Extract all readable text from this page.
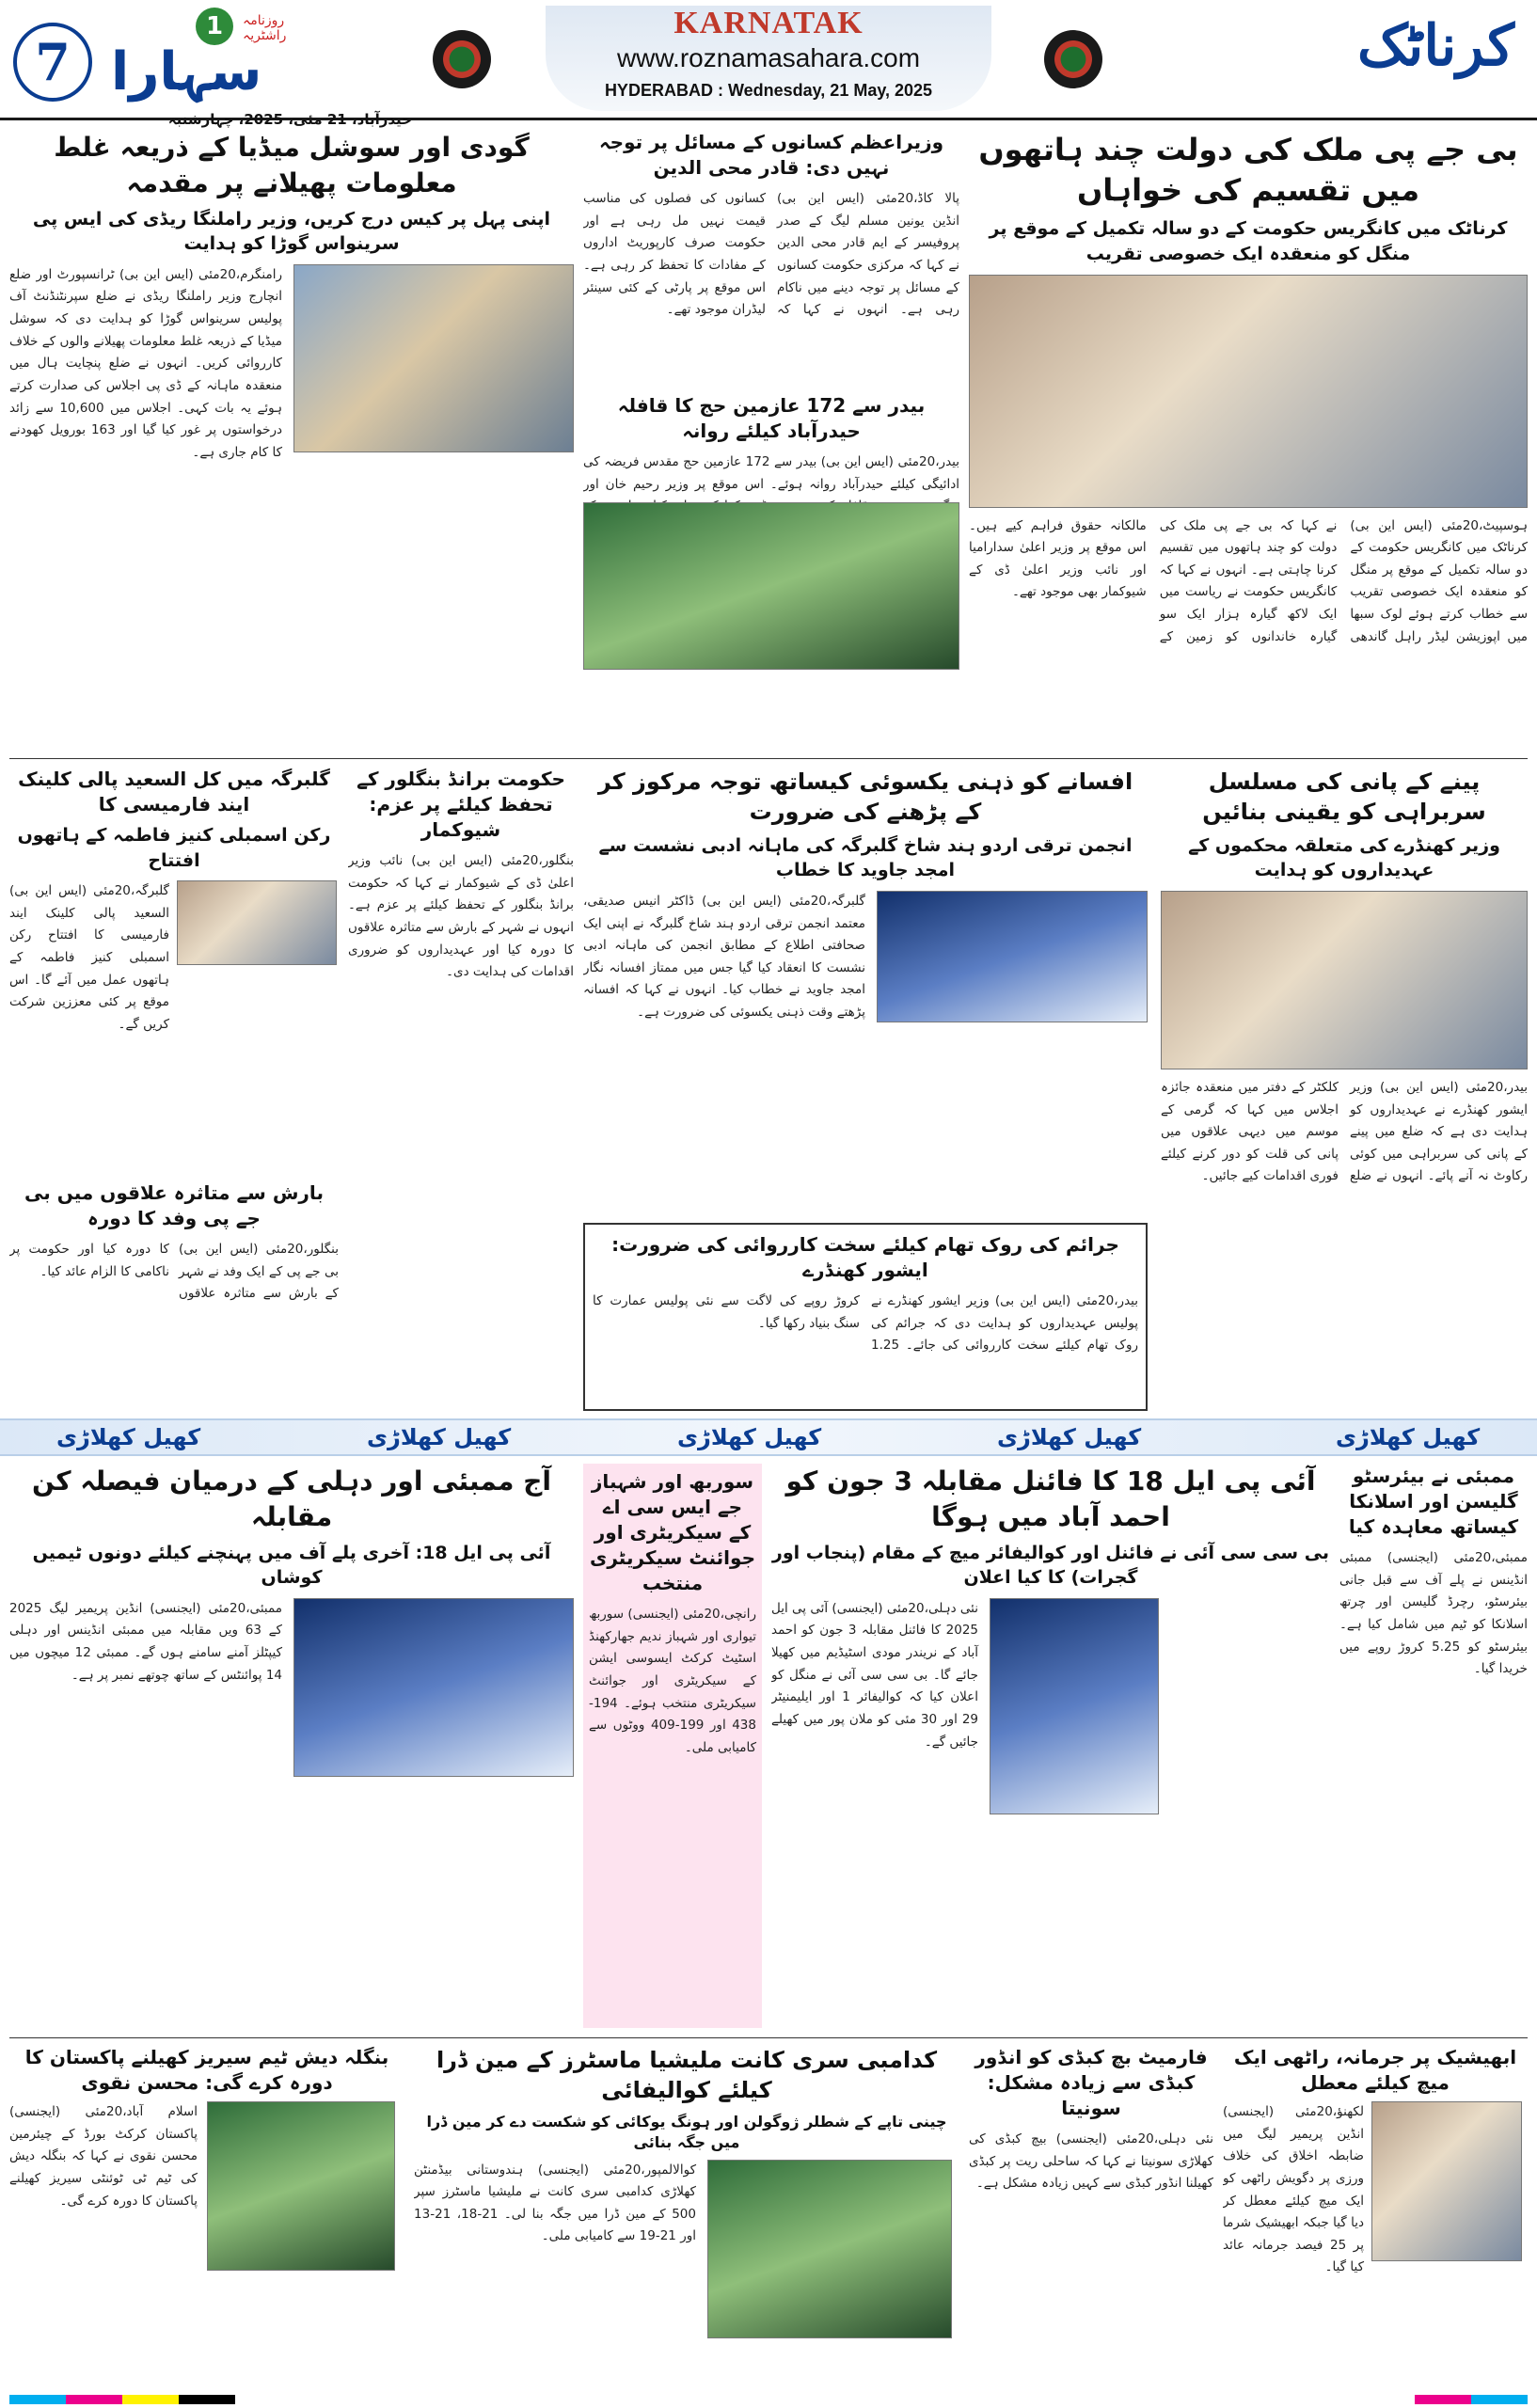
7
1	روزنامہ راشٹریہ
سہارا
حیدرآباد، 21 مئی، 2025، چہارشنبہ
KARNATAK
www.roznamasahara.com
HYDERABAD : Wednesday, 21 May, 2025
کرناٹک
بی جے پی ملک کی دولت چند ہاتھوں میں تقسیم کی خواہاں
کرناٹک میں کانگریس حکومت کے دو سالہ تکمیل کے موقع پر منگل کو منعقدہ ایک خصوصی تقریب
ہوسپیٹ،20مئی (ایس این بی) کرناٹک میں کانگریس حکومت کے دو سالہ تکمیل کے موقع پر منگل کو منعقدہ ایک خصوصی تقریب سے خطاب کرتے ہوئے لوک سبھا میں اپوزیشن لیڈر راہل گاندھی نے کہا کہ بی جے پی ملک کی دولت کو چند ہاتھوں میں تقسیم کرنا چاہتی ہے۔ انہوں نے کہا کہ کانگریس حکومت نے ریاست میں ایک لاکھ گیارہ ہزار ایک سو گیارہ خاندانوں کو زمین کے مالکانہ حقوق فراہم کیے ہیں۔ اس موقع پر وزیر اعلیٰ سدارامیا اور نائب وزیر اعلیٰ ڈی کے شیوکمار بھی موجود تھے۔
وزیراعظم کسانوں کے مسائل پر توجہ نہیں دی: قادر محی الدین
پالا کاڈ،20مئی (ایس این بی) انڈین یونین مسلم لیگ کے صدر پروفیسر کے ایم قادر محی الدین نے کہا کہ مرکزی حکومت کسانوں کے مسائل پر توجہ دینے میں ناکام رہی ہے۔ انہوں نے کہا کہ کسانوں کی فصلوں کی مناسب قیمت نہیں مل رہی ہے اور حکومت صرف کارپوریٹ اداروں کے مفادات کا تحفظ کر رہی ہے۔ اس موقع پر پارٹی کے کئی سینئر لیڈران موجود تھے۔
بیدر سے 172 عازمین حج کا قافلہ حیدرآباد کیلئے روانہ
بیدر،20مئی (ایس این بی) بیدر سے 172 عازمین حج مقدس فریضہ کی ادائیگی کیلئے حیدرآباد روانہ ہوئے۔ اس موقع پر وزیر رحیم خان اور
گودی اور سوشل میڈیا کے ذریعہ غلط معلومات پھیلانے پر مقدمہ
اپنی پہل پر کیس درج کریں، وزیر راملنگا ریڈی کی ایس پی سرینواس گوڑا کو ہدایت
رامنگرم،20مئی (ایس این بی) ٹرانسپورٹ اور ضلع انچارج وزیر راملنگا ریڈی نے ضلع سپرنٹنڈنٹ آف پولیس سرینواس گوڑا کو ہدایت دی کہ سوشل میڈیا کے ذریعہ غلط معلومات پھیلانے والوں کے خلاف کارروائی کریں۔ انہوں نے ضلع پنچایت ہال میں منعقدہ ماہانہ کے ڈی پی اجلاس کی صدارت کرتے ہوئے یہ بات کہی۔ اجلاس میں 10,600 سے زائد درخواستوں پر غور کیا گیا اور 163 بورویل کھودنے کا کام جاری ہے۔
پینے کے پانی کی مسلسل سربراہی کو یقینی بنائیں
وزیر کھنڈرے کی متعلقہ محکموں کے عہدیداروں کو ہدایت
بیدر،20مئی (ایس این بی) وزیر ایشور کھنڈرے نے عہدیداروں کو ہدایت دی ہے کہ ضلع میں پینے کے پانی کی سربراہی میں کوئی رکاوٹ نہ آنے پائے۔ انہوں نے ضلع کلکٹر کے دفتر میں منعقدہ جائزہ اجلاس میں کہا کہ گرمی کے موسم میں دیہی علاقوں میں پانی کی قلت کو دور کرنے کیلئے فوری اقدامات کیے جائیں۔
افسانے کو ذہنی یکسوئی کیساتھ توجہ مرکوز کر کے پڑھنے کی ضرورت
انجمن ترقی اردو ہند شاخ گلبرگہ کی ماہانہ ادبی نشست سے امجد جاوید کا خطاب
گلبرگہ،20مئی (ایس این بی) ڈاکٹر انیس صدیقی، معتمد انجمن ترقی اردو ہند شاخ گلبرگہ نے اپنی ایک صحافتی اطلاع کے مطابق انجمن کی ماہانہ ادبی نشست کا انعقاد کیا گیا جس میں ممتاز افسانہ نگار امجد جاوید نے خطاب کیا۔ انہوں نے کہا کہ افسانہ پڑھتے وقت ذہنی یکسوئی کی ضرورت ہے۔
جرائم کی روک تھام کیلئے سخت کارروائی کی ضرورت: ایشور کھنڈرے
بیدر،20مئی (ایس این بی) وزیر ایشور کھنڈرے نے پولیس عہدیداروں کو ہدایت دی کہ جرائم کی روک تھام کیلئے سخت کارروائی کی جائے۔ 1.25 کروڑ روپے کی لاگت سے نئی پولیس عمارت کا سنگ بنیاد رکھا گیا۔
حکومت برانڈ بنگلور کے تحفظ کیلئے پر عزم: شیوکمار
بنگلور،20مئی (ایس این بی) نائب وزیر اعلیٰ ڈی کے شیوکمار نے کہا کہ حکومت برانڈ بنگلور کے تحفظ کیلئے پر عزم ہے۔ انہوں نے شہر کے بارش سے متاثرہ علاقوں کا دورہ کیا اور عہدیداروں کو ضروری اقدامات کی ہدایت دی۔
گلبرگہ میں کل السعید پالی کلینک ایند فارمیسی کا
رکن اسمبلی کنیز فاطمہ کے ہاتھوں افتتاح
گلبرگہ،20مئی (ایس این بی) السعید پالی کلینک ایند فارمیسی کا افتتاح رکن اسمبلی کنیز فاطمہ کے ہاتھوں عمل میں آئے گا۔ اس موقع پر کئی معززین شرکت کریں گے۔
بارش سے متاثرہ علاقوں میں بی جے پی وفد کا دورہ
بنگلور،20مئی (ایس این بی) بی جے پی کے ایک وفد نے شہر کے بارش سے متاثرہ علاقوں کا دورہ کیا اور حکومت پر ناکامی کا الزام عائد کیا۔
کھیل کھلاڑی	کھیل کھلاڑی	کھیل کھلاڑی	کھیل کھلاڑی	کھیل کھلاڑی
ممبئی نے بیئرسٹو گلیسن اور اسلانکا کیساتھ معاہدہ کیا
ممبئی،20مئی (ایجنسی) ممبئی انڈینس نے پلے آف سے قبل جانی بیئرسٹو، رچرڈ گلیسن اور چرتھ اسلانکا کو ٹیم میں شامل کیا ہے۔ بیئرسٹو کو 5.25 کروڑ روپے میں خریدا گیا۔
آئی پی ایل 18 کا فائنل مقابلہ 3 جون کو احمد آباد میں ہوگا
بی سی سی آئی نے فائنل اور کوالیفائر میچ کے مقام (پنجاب اور گجرات) کا کیا اعلان
نئی دہلی،20مئی (ایجنسی) آئی پی ایل 2025 کا فائنل مقابلہ 3 جون کو احمد آباد کے نریندر مودی اسٹیڈیم میں کھیلا جائے گا۔ بی سی سی آئی نے منگل کو اعلان کیا کہ کوالیفائر 1 اور ایلیمنیٹر 29 اور 30 مئی کو ملان پور میں کھیلے جائیں گے۔
سوربھ اور شہباز جے ایس سی اے کے سیکریٹری اور جوائنٹ سیکریٹری منتخب
رانچی،20مئی (ایجنسی) سوربھ تیواری اور شہباز ندیم جھارکھنڈ اسٹیٹ کرکٹ ایسوسی ایشن کے سیکریٹری اور جوائنٹ سیکریٹری منتخب ہوئے۔ 194-438 اور 199-409 ووٹوں سے کامیابی ملی۔
آج ممبئی اور دہلی کے درمیان فیصلہ کن مقابلہ
آئی پی ایل 18: آخری پلے آف میں پہنچنے کیلئے دونوں ٹیمیں کوشاں
ممبئی،20مئی (ایجنسی) انڈین پریمیر لیگ 2025 کے 63 ویں مقابلہ میں ممبئی انڈینس اور دہلی کیپٹلز آمنے سامنے ہوں گے۔ ممبئی 12 میچوں میں 14 پوائنٹس کے ساتھ چوتھے نمبر پر ہے۔
ابھیشیک پر جرمانہ، راٹھی ایک میچ کیلئے معطل
لکھنؤ،20مئی (ایجنسی) انڈین پریمیر لیگ میں ضابطہ اخلاق کی خلاف ورزی پر دگویش راٹھی کو ایک میچ کیلئے معطل کر دیا گیا جبکہ ابھیشیک شرما پر 25 فیصد جرمانہ عائد کیا گیا۔
فارمیٹ بچ کبڈی کو انڈور کبڈی سے زیادہ مشکل: سونیتا
نئی دہلی،20مئی (ایجنسی) بیچ کبڈی کی کھلاڑی سونیتا نے کہا کہ ساحلی ریت پر کبڈی کھیلنا انڈور کبڈی سے کہیں زیادہ مشکل ہے۔
کدامبی سری کانت ملیشیا ماسٹرز کے مین ڈرا کیلئے کوالیفائی
چینی تاپے کے شطلر ژوگولن اور ہونگ یوکائی کو شکست دے کر مین ڈرا میں جگہ بنائی
کوالالمپور،20مئی (ایجنسی) ہندوستانی بیڈمنٹن کھلاڑی کدامبی سری کانت نے ملیشیا ماسٹرز سپر 500 کے مین ڈرا میں جگہ بنا لی۔ 21-18، 21-13 اور 21-19 سے کامیابی ملی۔
بنگلہ دیش ٹیم سیریز کھیلنے پاکستان کا دورہ کرے گی: محسن نقوی
اسلام آباد،20مئی (ایجنسی) پاکستان کرکٹ بورڈ کے چیئرمین محسن نقوی نے کہا کہ بنگلہ دیش کی ٹیم ٹی ٹوئنٹی سیریز کھیلنے پاکستان کا دورہ کرے گی۔
